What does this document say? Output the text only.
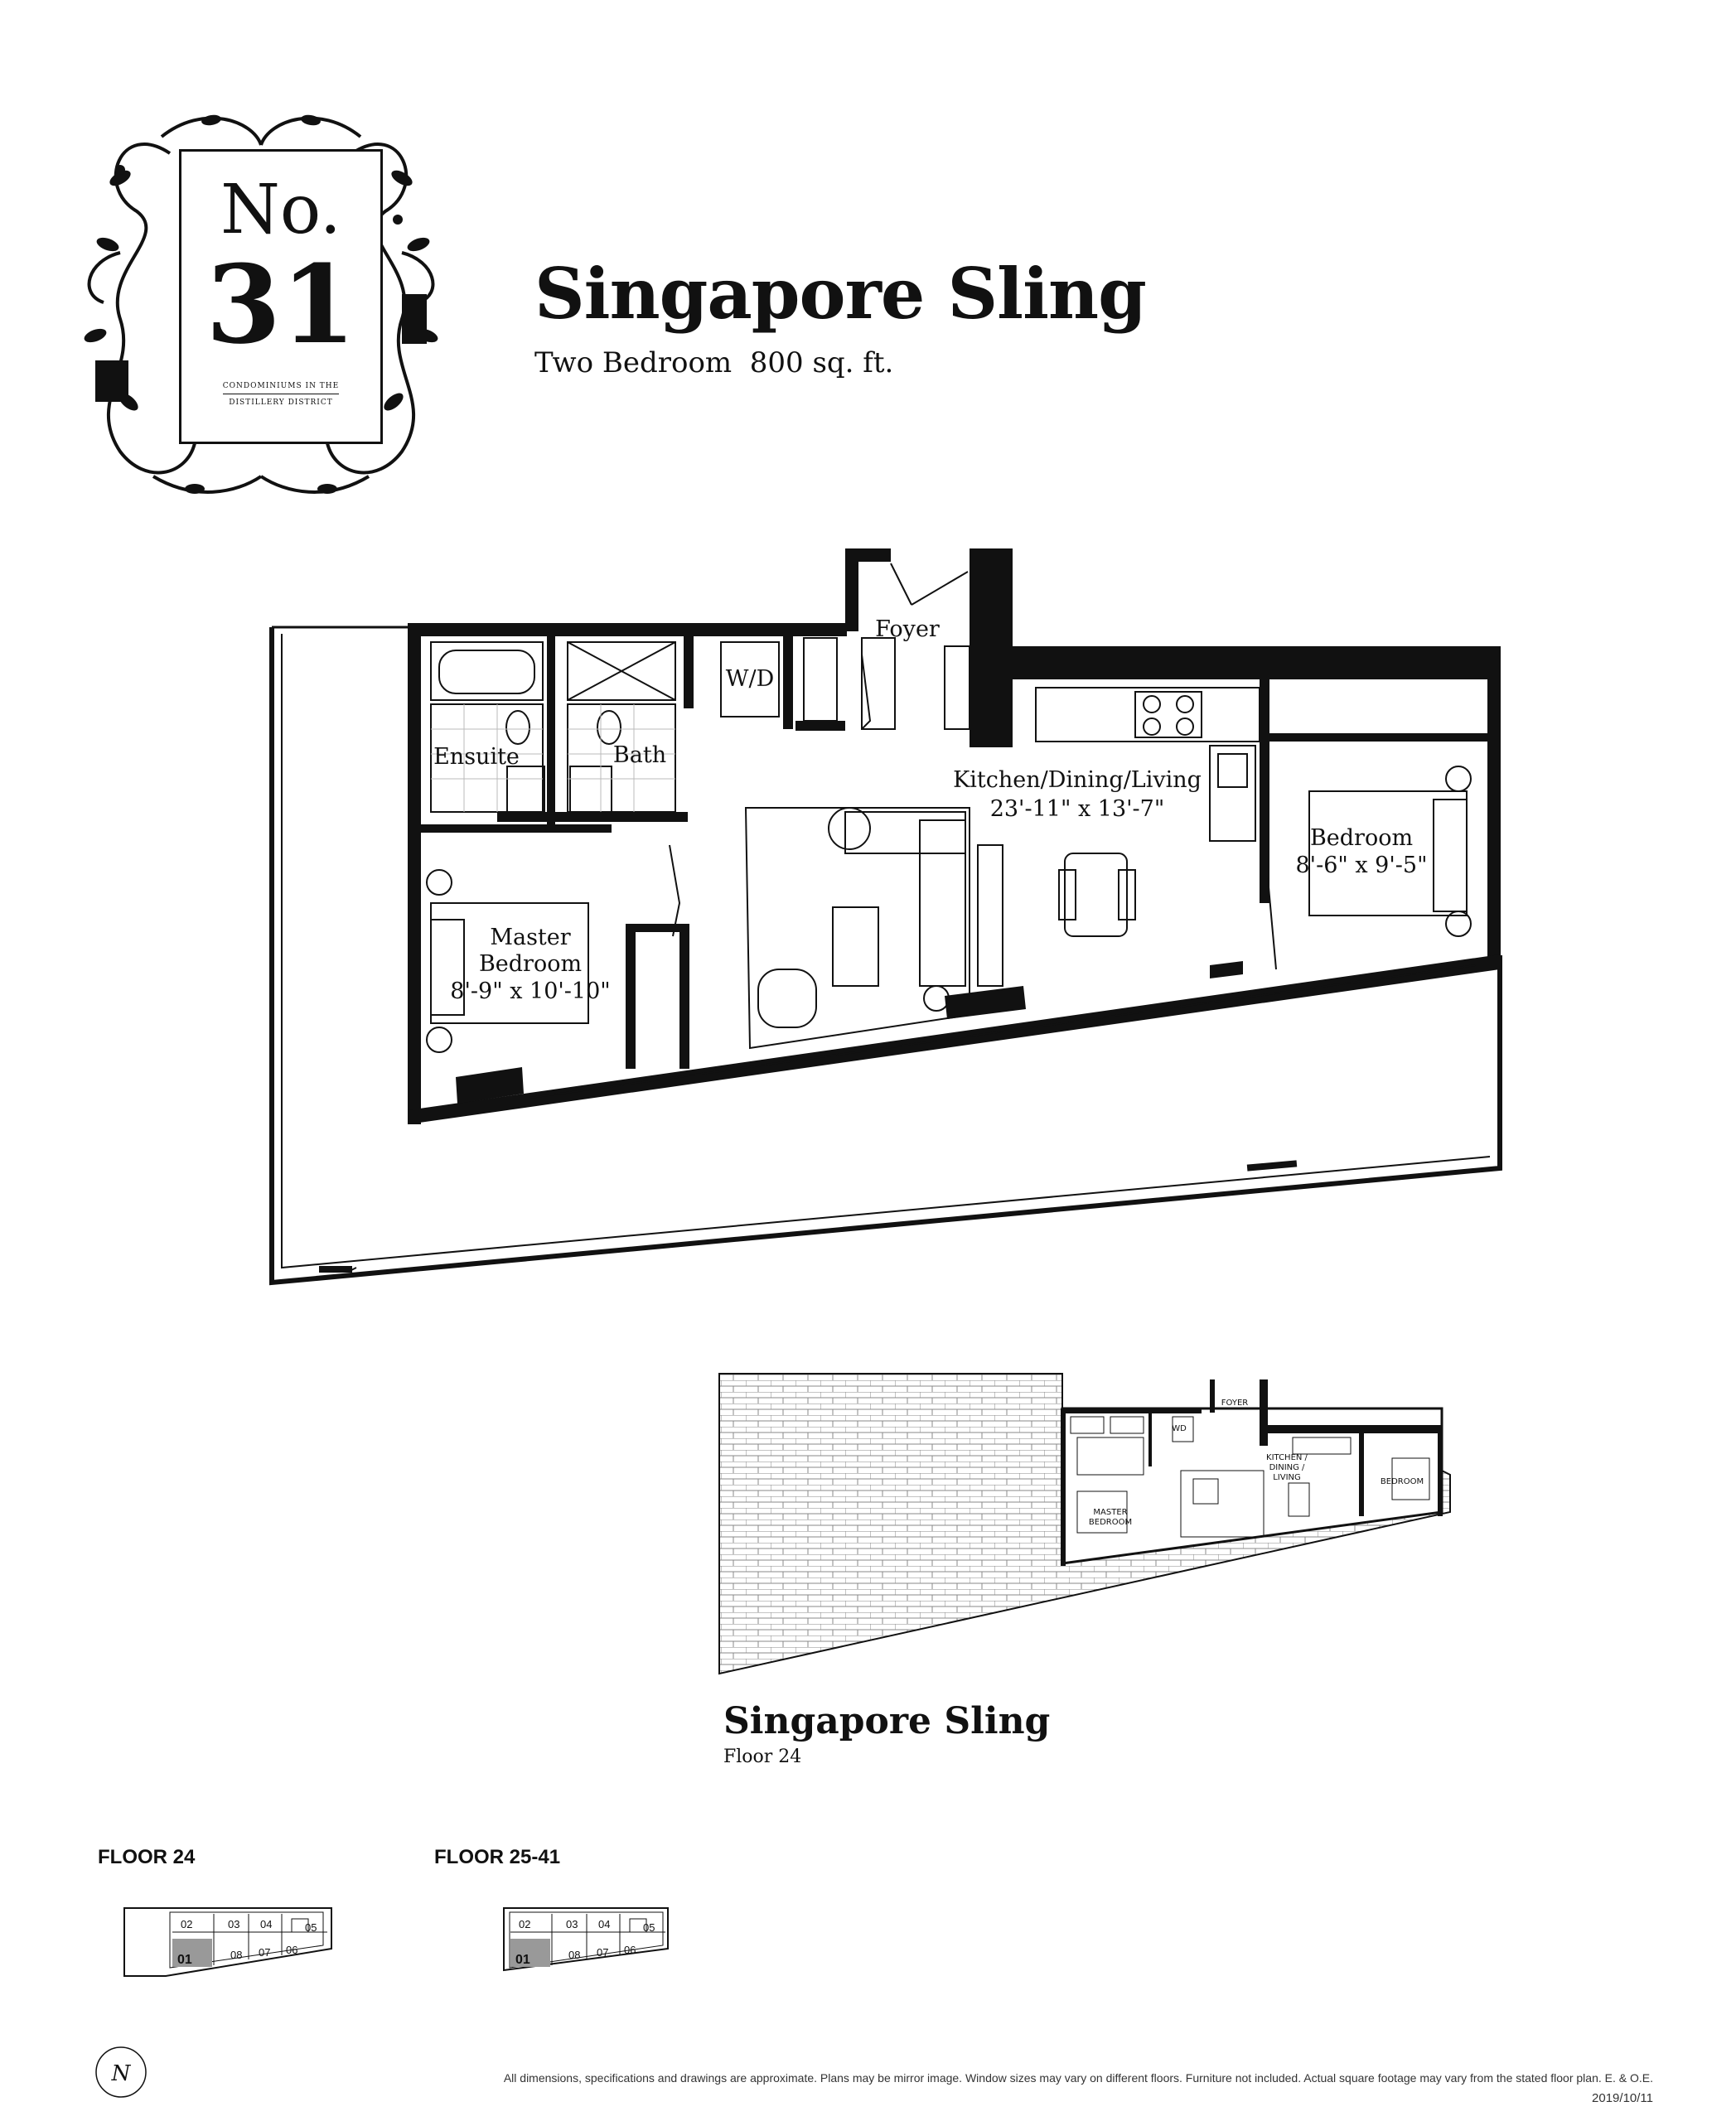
No.
31
CONDOMINIUMS IN THE
DISTILLERY DISTRICT
Singapore Sling
Two Bedroom  800 sq. ft.
Foyer
W/D
Ensuite	Bath
Kitchen/Dining/Living
23'-11" x 13'-7"
Bedroom
8'-6" x 9'-5"
Master
Bedroom
8'-9" x 10'-10"
FOYER
WD
KITCHEN /
DINING /
LIVING	BEDROOM
MASTER
BEDROOM
02	03 04	05
01	08 07 06
02	03 04	05
01	08 07 06
Singapore Sling
Floor 24
FLOOR 24	FLOOR 25-41
N	All dimensions, specifications and drawings are approximate. Plans may be mirror image. Window sizes may vary on different floors. Furniture not included. Actual square footage may vary from the stated floor plan. E. & O.E.
2019/10/11
